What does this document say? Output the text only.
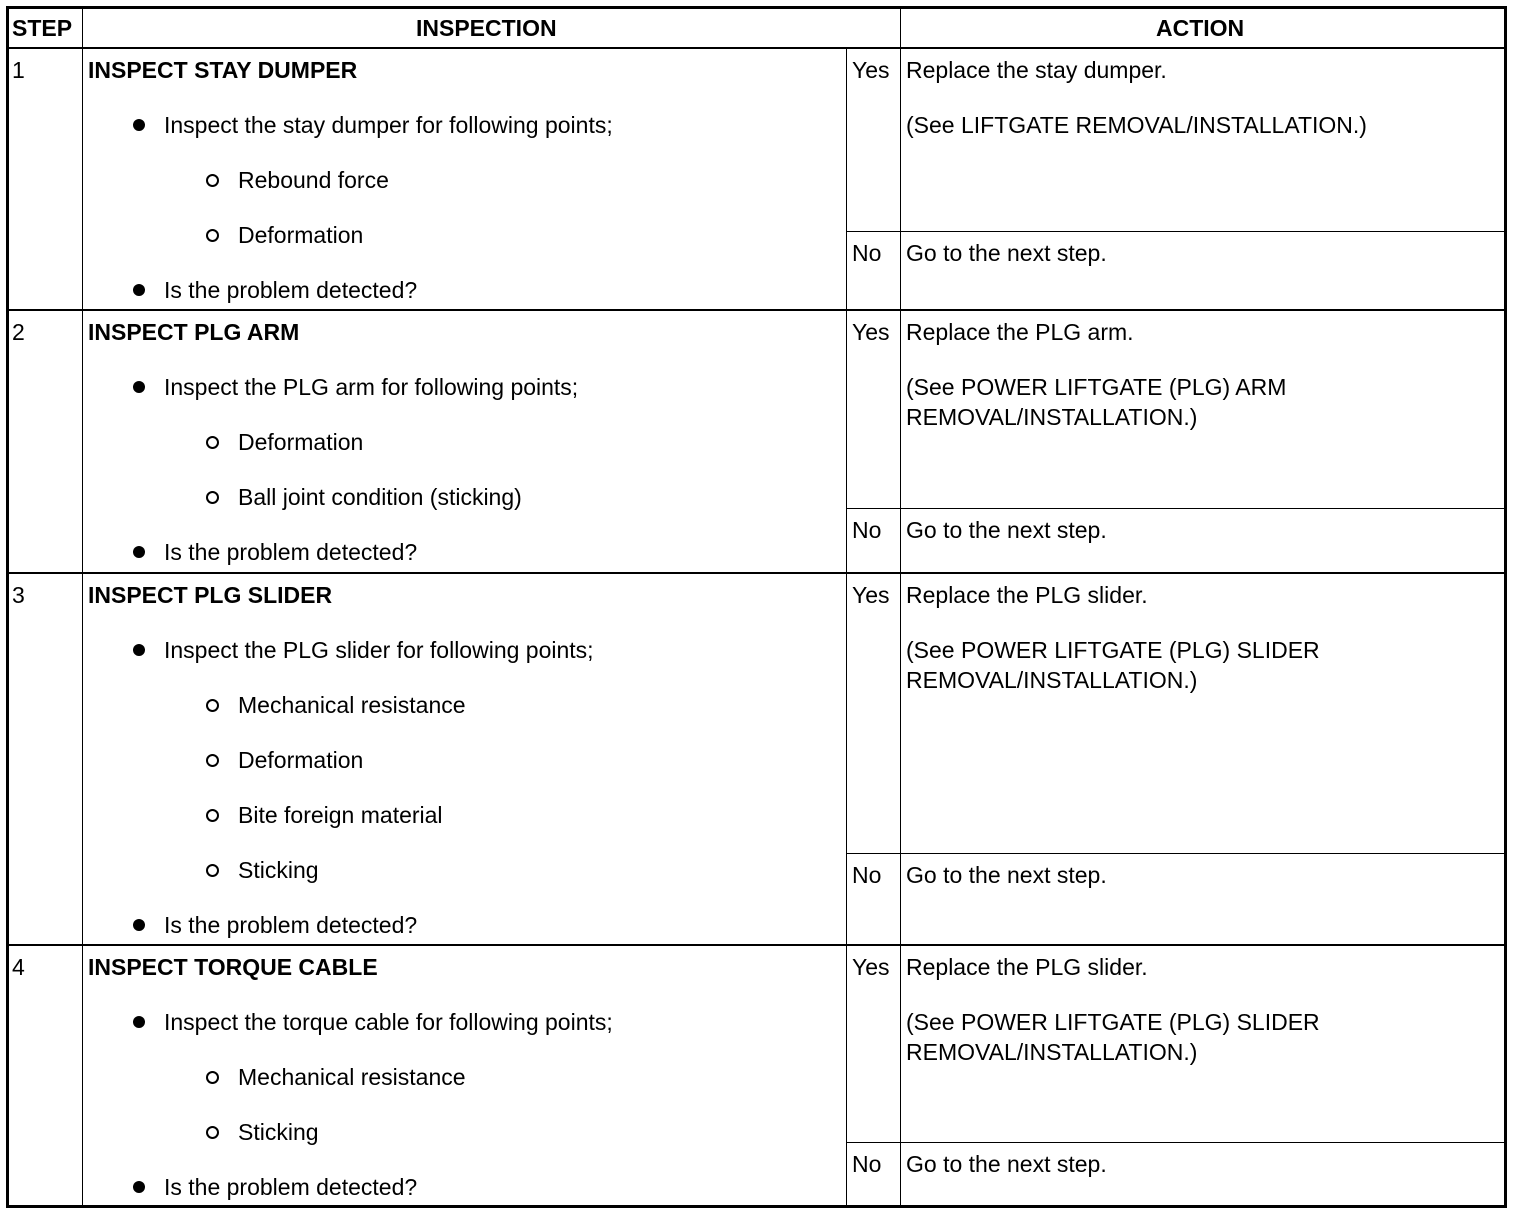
STEP	INSPECTION	ACTION
1	INSPECT STAY DUMPER
Inspect the stay dumper for following points;
Rebound force
Deformation
Is the problem detected?
Yes Replace the stay dumper.
(See LIFTGATE REMOVAL/INSTALLATION.)
No Go to the next step.
2	INSPECT PLG ARM
Inspect the PLG arm for following points;
Deformation
Ball joint condition (sticking)
Is the problem detected?
Yes Replace the PLG arm.
(See POWER LIFTGATE (PLG) ARM
REMOVAL/INSTALLATION.)
No Go to the next step.
3	INSPECT PLG SLIDER
Inspect the PLG slider for following points;
Mechanical resistance
Deformation
Bite foreign material
Sticking
Is the problem detected?
Yes Replace the PLG slider.
(See POWER LIFTGATE (PLG) SLIDER
REMOVAL/INSTALLATION.)
No Go to the next step.
4	INSPECT TORQUE CABLE
Inspect the torque cable for following points;
Mechanical resistance
Sticking
Is the problem detected?
Yes Replace the PLG slider.
(See POWER LIFTGATE (PLG) SLIDER
REMOVAL/INSTALLATION.)
No Go to the next step.
